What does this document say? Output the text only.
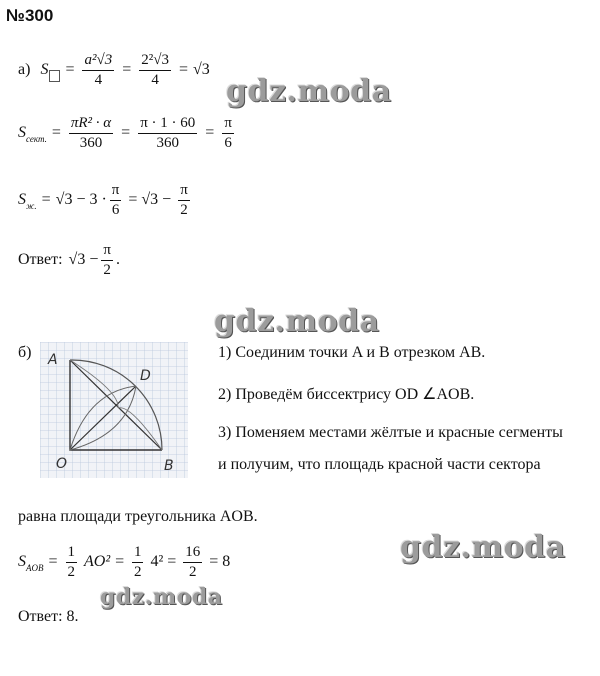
№300
а) $S = \frac{\text{a²√3}}{4} = \frac{\text{2²√3}}{4} = √3$
gdz.moda
S сект. = $\frac{\text{πR² · α}}{360} = \frac{\pi \cdot 1 \cdot 60}{360} = \frac{\pi}{6}$
S ж. = $√3 - 3 \cdot \frac{\pi}{6} = √3 - \frac{\pi}{2}$
Ответ: $√3 - \frac{\pi}{2}$ .
gdz.moda
б) A
D
O	B
1) Соединим точки A и B отрезком AB.
2) Проведём биссектрису OD ∠AOB.
3) Поменяем местами жёлтые и красные сегменты
и получим, что площадь красной части сектора
равна площади треугольника AOB.
gdz.moda
S AOB = $\frac{1}{2} AO^2 = \frac{1}{2} 4^2 = \frac{16}{2} = 8$
gdz.moda
Ответ: 8.
